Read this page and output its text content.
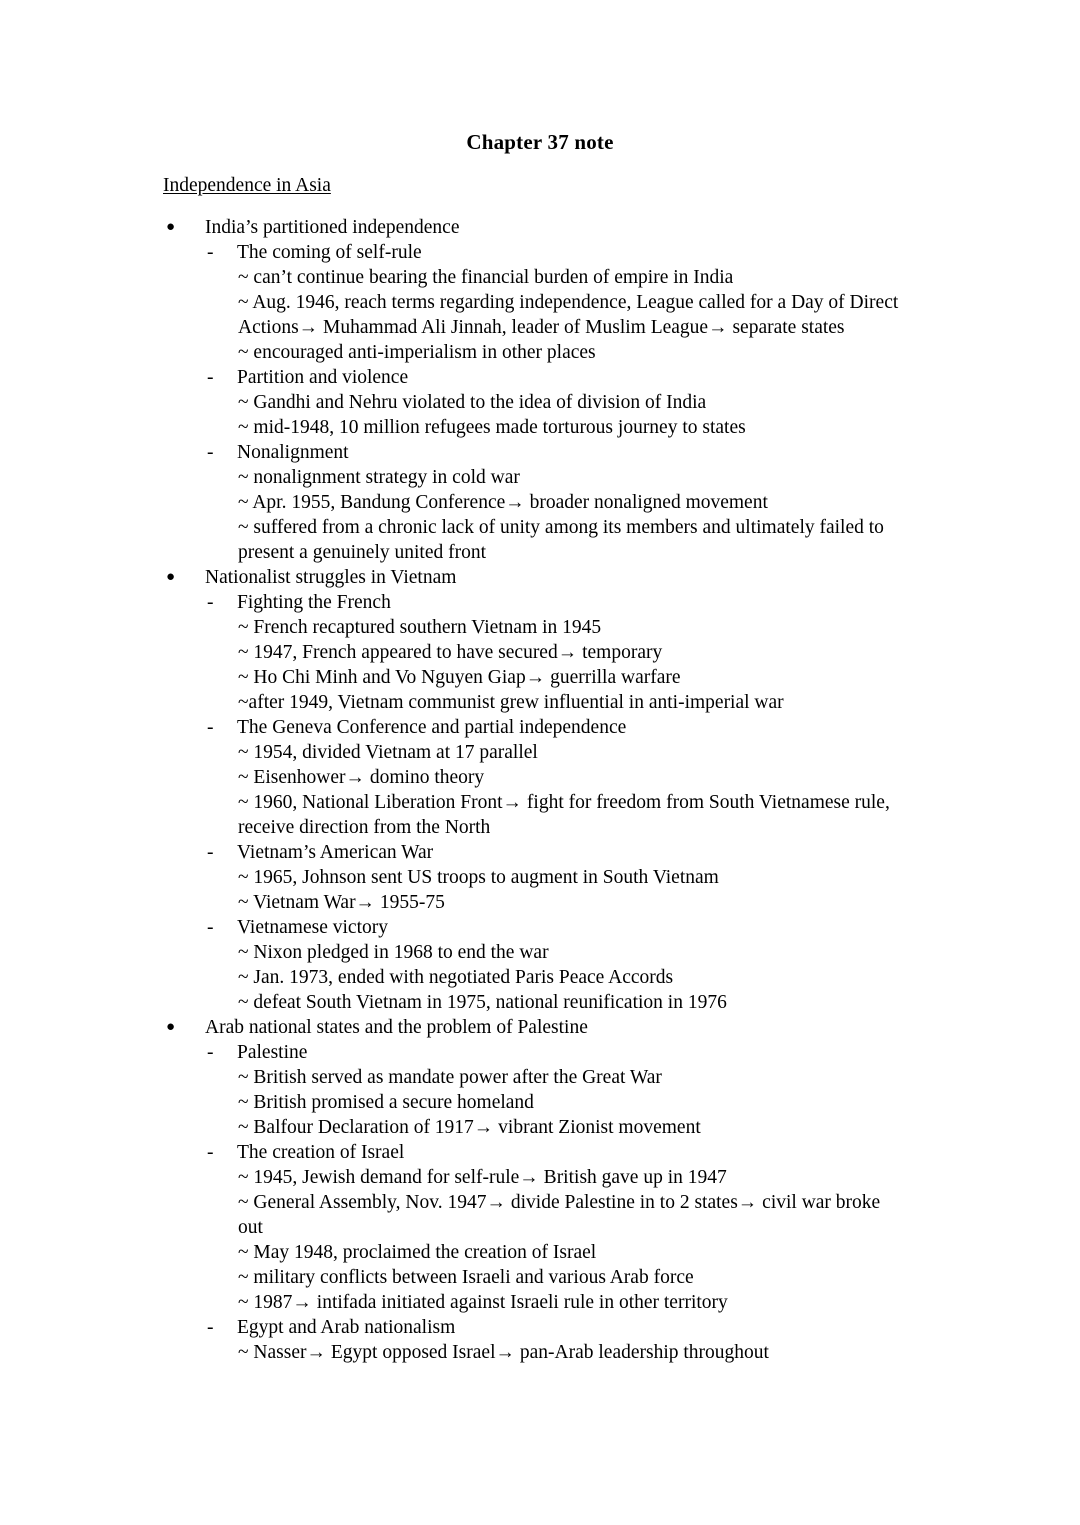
Chapter 37 note
Independence in Asia
●	India’s partitioned independence
-	The coming of self-rule
~ can’t continue bearing the financial burden of empire in India
~ Aug. 1946, reach terms regarding independence, League called for a Day of Direct Actions→ Muhammad Ali Jinnah, leader of Muslim League→ separate states
~ encouraged anti-imperialism in other places
-	Partition and violence
~ Gandhi and Nehru violated to the idea of division of India
~ mid-1948, 10 million refugees made torturous journey to states
-	Nonalignment
~ nonalignment strategy in cold war
~ Apr. 1955, Bandung Conference→ broader nonaligned movement
~ suffered from a chronic lack of unity among its members and ultimately failed to present a genuinely united front
●	Nationalist struggles in Vietnam
-	Fighting the French
~ French recaptured southern Vietnam in 1945
~ 1947, French appeared to have secured→ temporary
~ Ho Chi Minh and Vo Nguyen Giap→ guerrilla warfare
~after 1949, Vietnam communist grew influential in anti-imperial war
-	The Geneva Conference and partial independence
~ 1954, divided Vietnam at 17 parallel
~ Eisenhower→ domino theory
~ 1960, National Liberation Front→ fight for freedom from South Vietnamese rule, receive direction from the North
-	Vietnam’s American War
~ 1965, Johnson sent US troops to augment in South Vietnam
~ Vietnam War→ 1955-75
-	Vietnamese victory
~ Nixon pledged in 1968 to end the war
~ Jan. 1973, ended with negotiated Paris Peace Accords
~ defeat South Vietnam in 1975, national reunification in 1976
●	Arab national states and the problem of Palestine
-	Palestine
~ British served as mandate power after the Great War
~ British promised a secure homeland
~ Balfour Declaration of 1917→ vibrant Zionist movement
-	The creation of Israel
~ 1945, Jewish demand for self-rule→ British gave up in 1947
~ General Assembly, Nov. 1947→ divide Palestine in to 2 states→ civil war broke out
~ May 1948, proclaimed the creation of Israel
~ military conflicts between Israeli and various Arab force
~ 1987→ intifada initiated against Israeli rule in other territory
-	Egypt and Arab nationalism
~ Nasser→ Egypt opposed Israel→ pan-Arab leadership throughout
